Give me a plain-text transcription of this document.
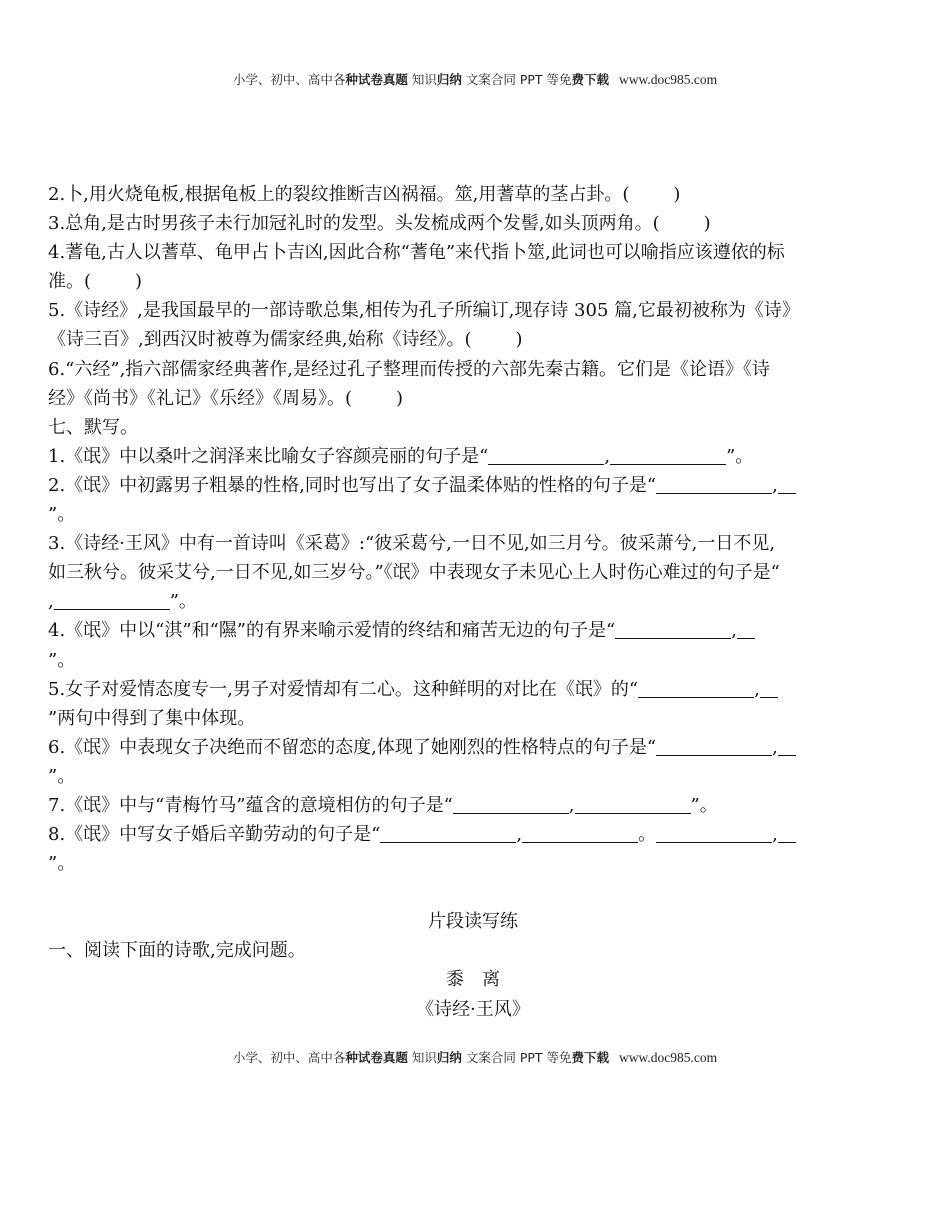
小学、初中、高中各种试卷真题 知识归纳 文案合同 PPT 等免费下载 www.doc985.com
2.卜,用火烧龟板,根据龟板上的裂纹推断吉凶祸福。筮,用蓍草的茎占卦。( )
3.总角,是古时男孩子未行加冠礼时的发型。头发梳成两个发髻,如头顶两角。( )
4.蓍龟,古人以蓍草、龟甲占卜吉凶,因此合称“蓍龟”来代指卜筮,此词也可以喻指应该遵依的标
准。( )
5.《诗经》,是我国最早的一部诗歌总集,相传为孔子所编订,现存诗 305 篇,它最初被称为《诗》
《诗三百》,到西汉时被尊为儒家经典,始称《诗经》。( )
6.“六经”,指六部儒家经典著作,是经过孔子整理而传授的六部先秦古籍。它们是《论语》《诗
经》《尚书》《礼记》《乐经》《周易》。( )
七、默写。
1.《氓》中以桑叶之润泽来比喻女子容颜亮丽的句子是“	,	”。
2.《氓》中初露男子粗暴的性格,同时也写出了女子温柔体贴的性格的句子是“	,
”。
3.《诗经·王风》中有一首诗叫《采葛》:“彼采葛兮,一日不见,如三月兮。彼采萧兮,一日不见,
如三秋兮。彼采艾兮,一日不见,如三岁兮。”《氓》中表现女子未见心上人时伤心难过的句子是“
,	”。
4.《氓》中以“淇”和“隰”的有界来喻示爱情的终结和痛苦无边的句子是“	,
”。
5.女子对爱情态度专一,男子对爱情却有二心。这种鲜明的对比在《氓》的“	,
”两句中得到了集中体现。
6.《氓》中表现女子决绝而不留恋的态度,体现了她刚烈的性格特点的句子是“	,
”。
7.《氓》中与“青梅竹马”蕴含的意境相仿的句子是“	,	”。
8.《氓》中写女子婚后辛勤劳动的句子是“	,	。	,
”。
片段读写练
一、阅读下面的诗歌,完成问题。
黍　离
《诗经·王风》
小学、初中、高中各种试卷真题 知识归纳 文案合同 PPT 等免费下载 www.doc985.com
